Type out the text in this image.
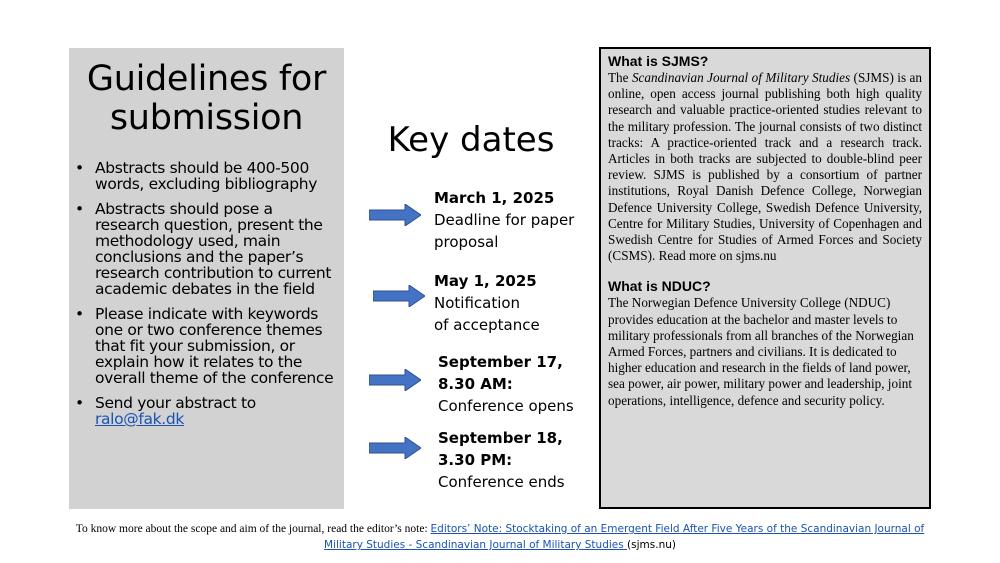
Guidelines for
submission
• Abstracts should be 400-500 words, excluding bibliography
• Abstracts should pose a research question, present the methodology used, main conclusions and the paper’s research contribution to current academic debates in the field
• Please indicate with keywords one or two conference themes that fit your submission, or explain how it relates to the overall theme of the conference
• Send your abstract to
ralo@fak.dk
Key dates
March 1, 2025
Deadline for paper
proposal
May 1, 2025
Notification
of acceptance
September 17,
8.30 AM:
Conference opens
September 18,
3.30 PM:
Conference ends
What is SJMS?

The Scandinavian Journal of Military Studies (SJMS) is an online, open access journal publishing both high quality research and valuable practice-oriented studies relevant to the military profession. The journal consists of two distinct tracks: A practice-oriented track and a research track. Articles in both tracks are subjected to double-blind peer review. SJMS is published by a consortium of partner institutions, Royal Danish Defence College, Norwegian Defence University College, Swedish Defence University, Centre for Military Studies, University of Copenhagen and Swedish Centre for Studies of Armed Forces and Society (CSMS). Read more on sjms.nu

What is NDUC?

The Norwegian Defence University College (NDUC) provides education at the bachelor and master levels to military professionals from all branches of the Norwegian Armed Forces, partners and civilians. It is dedicated to higher education and research in the fields of land power, sea power, air power, military power and leadership, joint operations, intelligence, defence and security policy.

To know more about the scope and aim of the journal, read the editor’s note: Editors’ Note: Stocktaking of an Emergent Field After Five Years of the Scandinavian Journal of Military Studies - Scandinavian Journal of Military Studies (sjms.nu)
